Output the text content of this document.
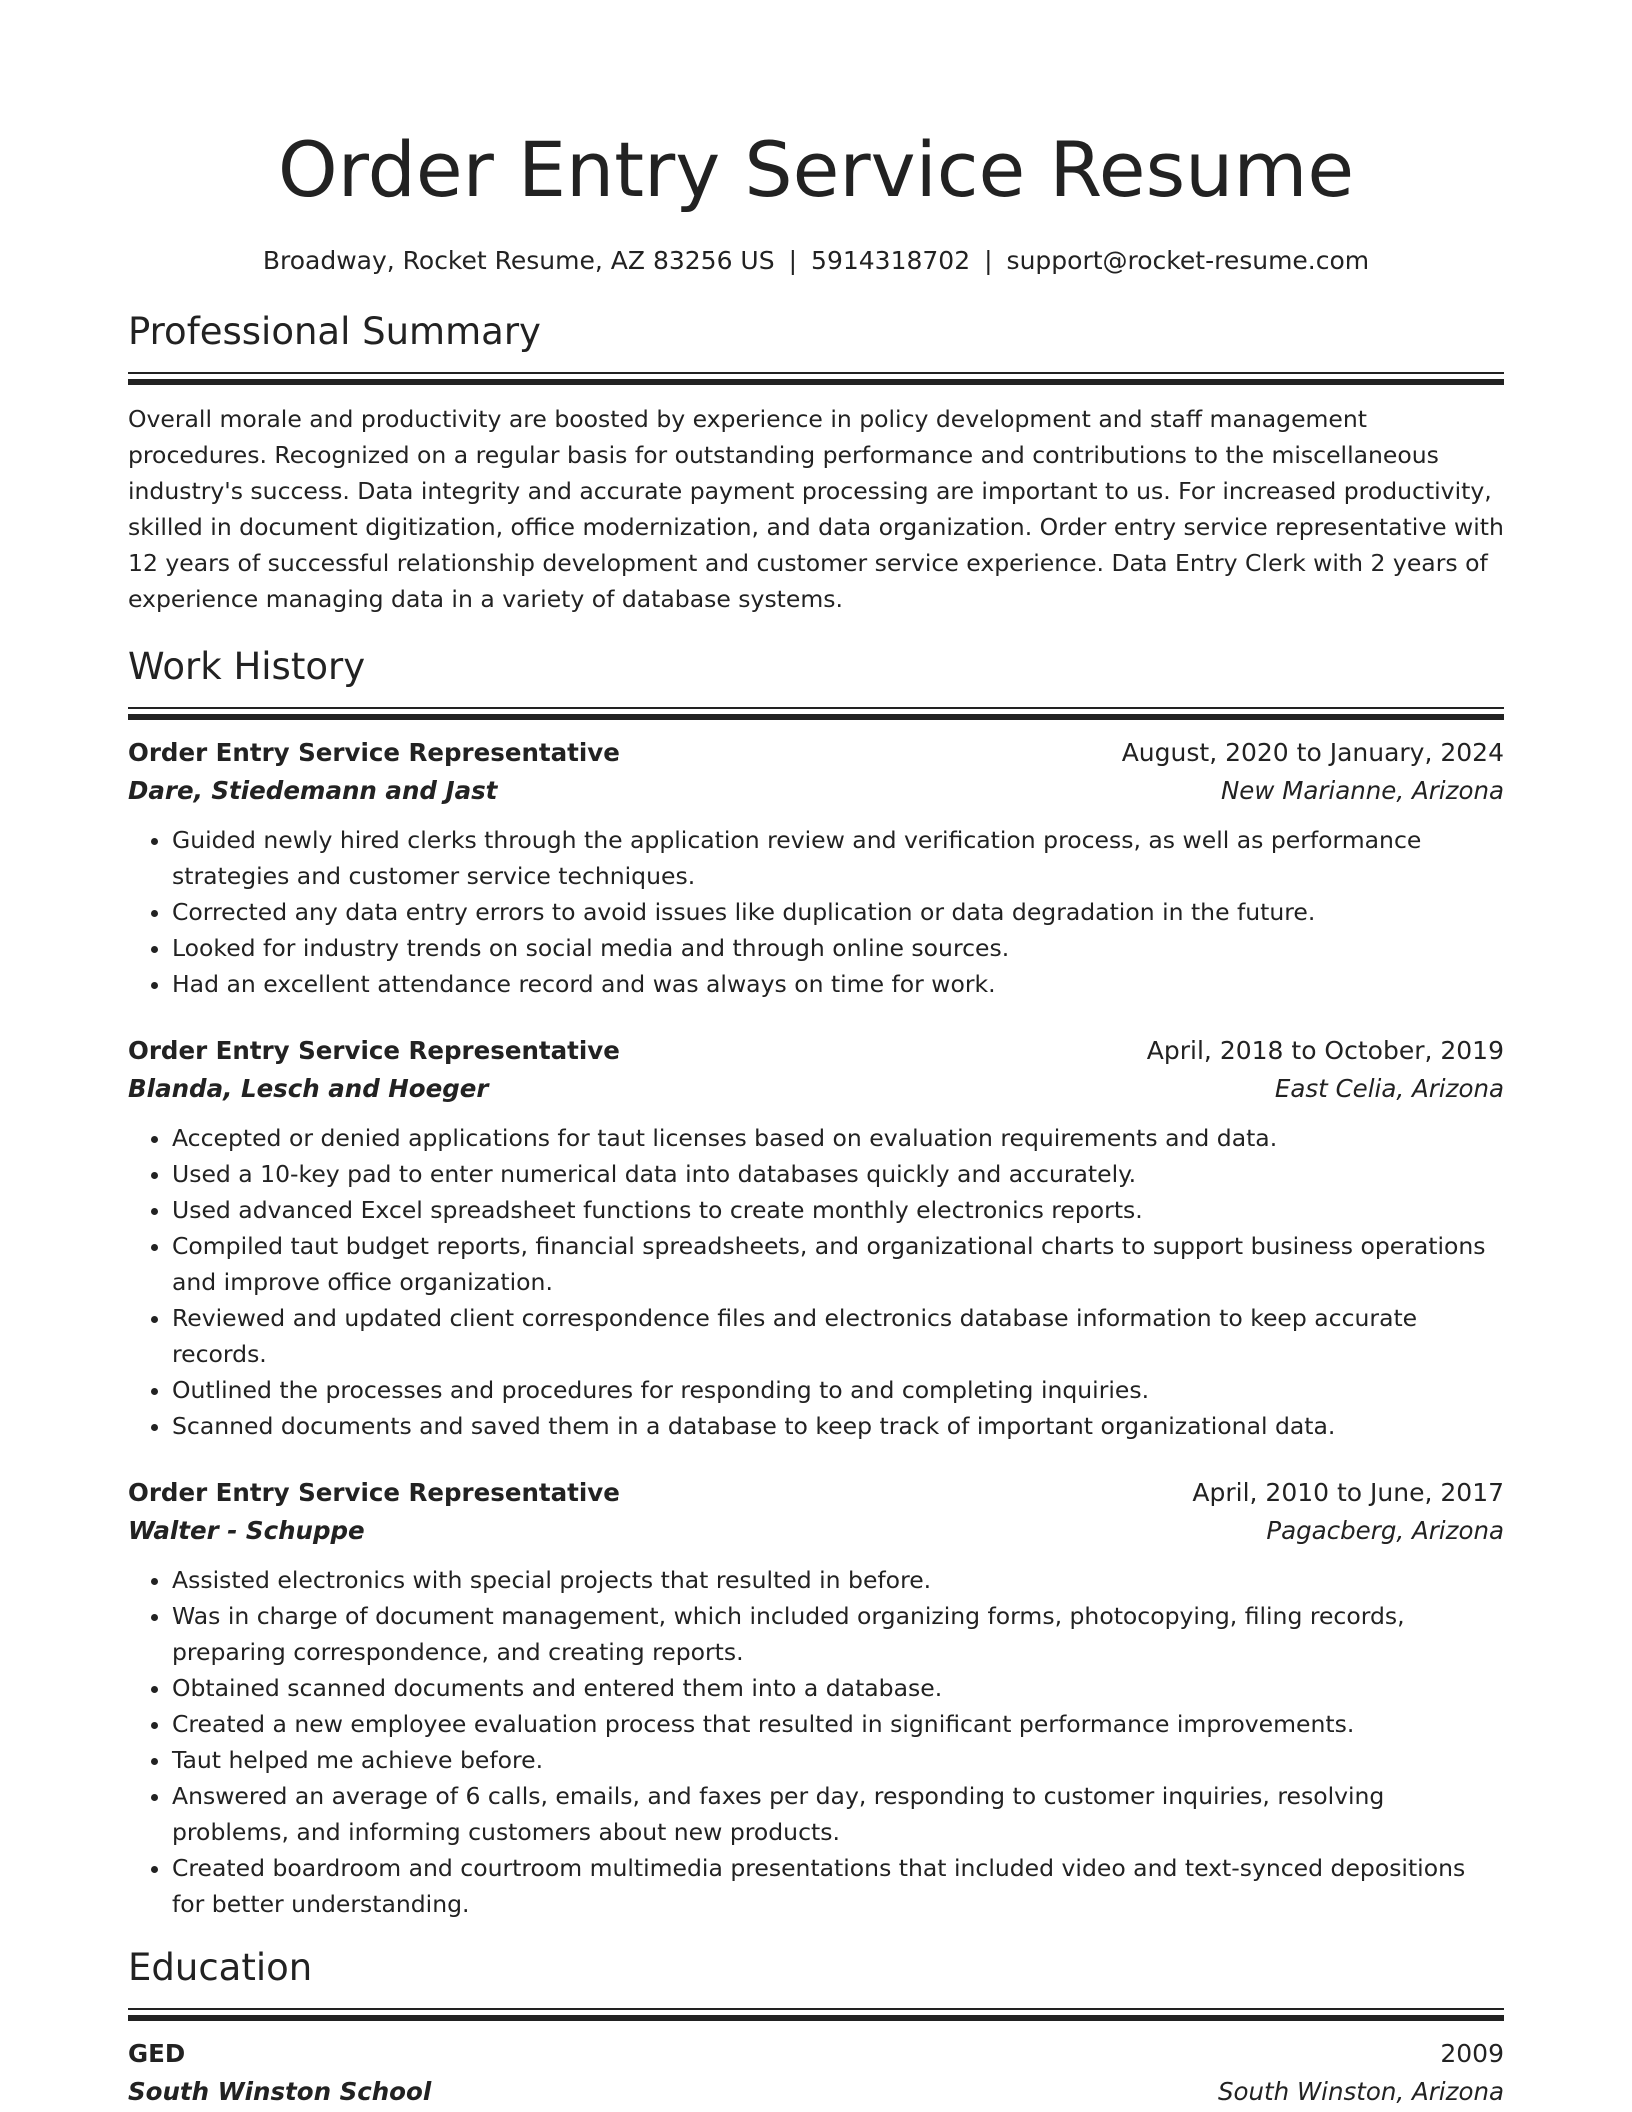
Order Entry Service Resume
Broadway, Rocket Resume, AZ 83256 US | 5914318702 | support@rocket-resume.com
Professional Summary
Overall morale and productivity are boosted by experience in policy development and staff management procedures. Recognized on a regular basis for outstanding performance and contributions to the miscellaneous industry's success. Data integrity and accurate payment processing are important to us. For increased productivity, skilled in document digitization, office modernization, and data organization. Order entry service representative with 12 years of successful relationship development and customer service experience. Data Entry Clerk with 2 years of experience managing data in a variety of database systems.
Work History
Order Entry Service Representative	August, 2020 to January, 2024
Dare, Stiedemann and Jast	New Marianne, Arizona
• Guided newly hired clerks through the application review and verification process, as well as performance strategies and customer service techniques.
• Corrected any data entry errors to avoid issues like duplication or data degradation in the future.
• Looked for industry trends on social media and through online sources.
• Had an excellent attendance record and was always on time for work.
Order Entry Service Representative	April, 2018 to October, 2019
Blanda, Lesch and Hoeger	East Celia, Arizona
• Accepted or denied applications for taut licenses based on evaluation requirements and data.
• Used a 10-key pad to enter numerical data into databases quickly and accurately.
• Used advanced Excel spreadsheet functions to create monthly electronics reports.
• Compiled taut budget reports, financial spreadsheets, and organizational charts to support business operations and improve office organization.
• Reviewed and updated client correspondence files and electronics database information to keep accurate records.
• Outlined the processes and procedures for responding to and completing inquiries.
• Scanned documents and saved them in a database to keep track of important organizational data.
Order Entry Service Representative	April, 2010 to June, 2017
Walter - Schuppe	Pagacberg, Arizona
• Assisted electronics with special projects that resulted in before.
• Was in charge of document management, which included organizing forms, photocopying, filing records, preparing correspondence, and creating reports.
• Obtained scanned documents and entered them into a database.
• Created a new employee evaluation process that resulted in significant performance improvements.
• Taut helped me achieve before.
• Answered an average of 6 calls, emails, and faxes per day, responding to customer inquiries, resolving problems, and informing customers about new products.
• Created boardroom and courtroom multimedia presentations that included video and text-synced depositions for better understanding.
Education
GED	2009
South Winston School	South Winston, Arizona
